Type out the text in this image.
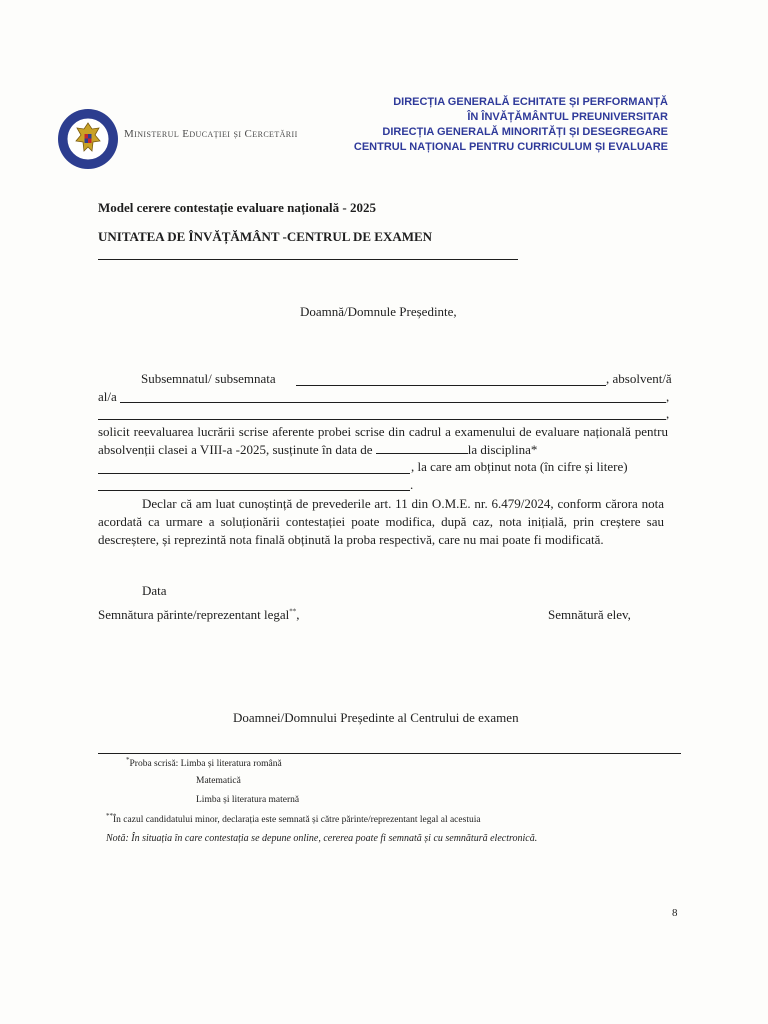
Ministerul Educației și Cercetării
DIRECȚIA GENERALĂ ECHITATE ȘI PERFORMANȚĂ
ÎN ÎNVĂȚĂMÂNTUL PREUNIVERSITAR
DIRECȚIA GENERALĂ MINORITĂȚI ȘI DESEGREGARE
CENTRUL NAȚIONAL PENTRU CURRICULUM ȘI EVALUARE
Model cerere contestație evaluare națională - 2025
UNITATEA DE ÎNVĂȚĂMÂNT -CENTRUL DE EXAMEN
Doamnă/Domnule Președinte,
Subsemnatul/ subsemnata	, absolvent/ă
al/a	,
,
solicit reevaluarea lucrării scrise aferente probei scrise din cadrul a examenului de evaluare națională pentru absolvenții clasei a VIII-a -2025, susținute în data de	la disciplina*
, la care am obținut nota (în cifre și litere)
.
Declar că am luat cunoștință de prevederile art. 11 din O.M.E. nr. 6.479/2024, conform cărora nota acordată ca urmare a soluționării contestației poate modifica, după caz, nota inițială, prin creștere sau descreștere, și reprezintă nota finală obținută la proba respectivă, care nu mai poate fi modificată.
Data
Semnătura părinte/reprezentant legal**,	Semnătură elev,
Doamnei/Domnului Președinte al Centrului de examen
*Proba scrisă: Limba și literatura română
Matematică
Limba și literatura maternă
**În cazul candidatului minor, declarația este semnată și către părinte/reprezentant legal al acestuia
Notă: În situația în care contestația se depune online, cererea poate fi semnată și cu semnătură electronică.
8
